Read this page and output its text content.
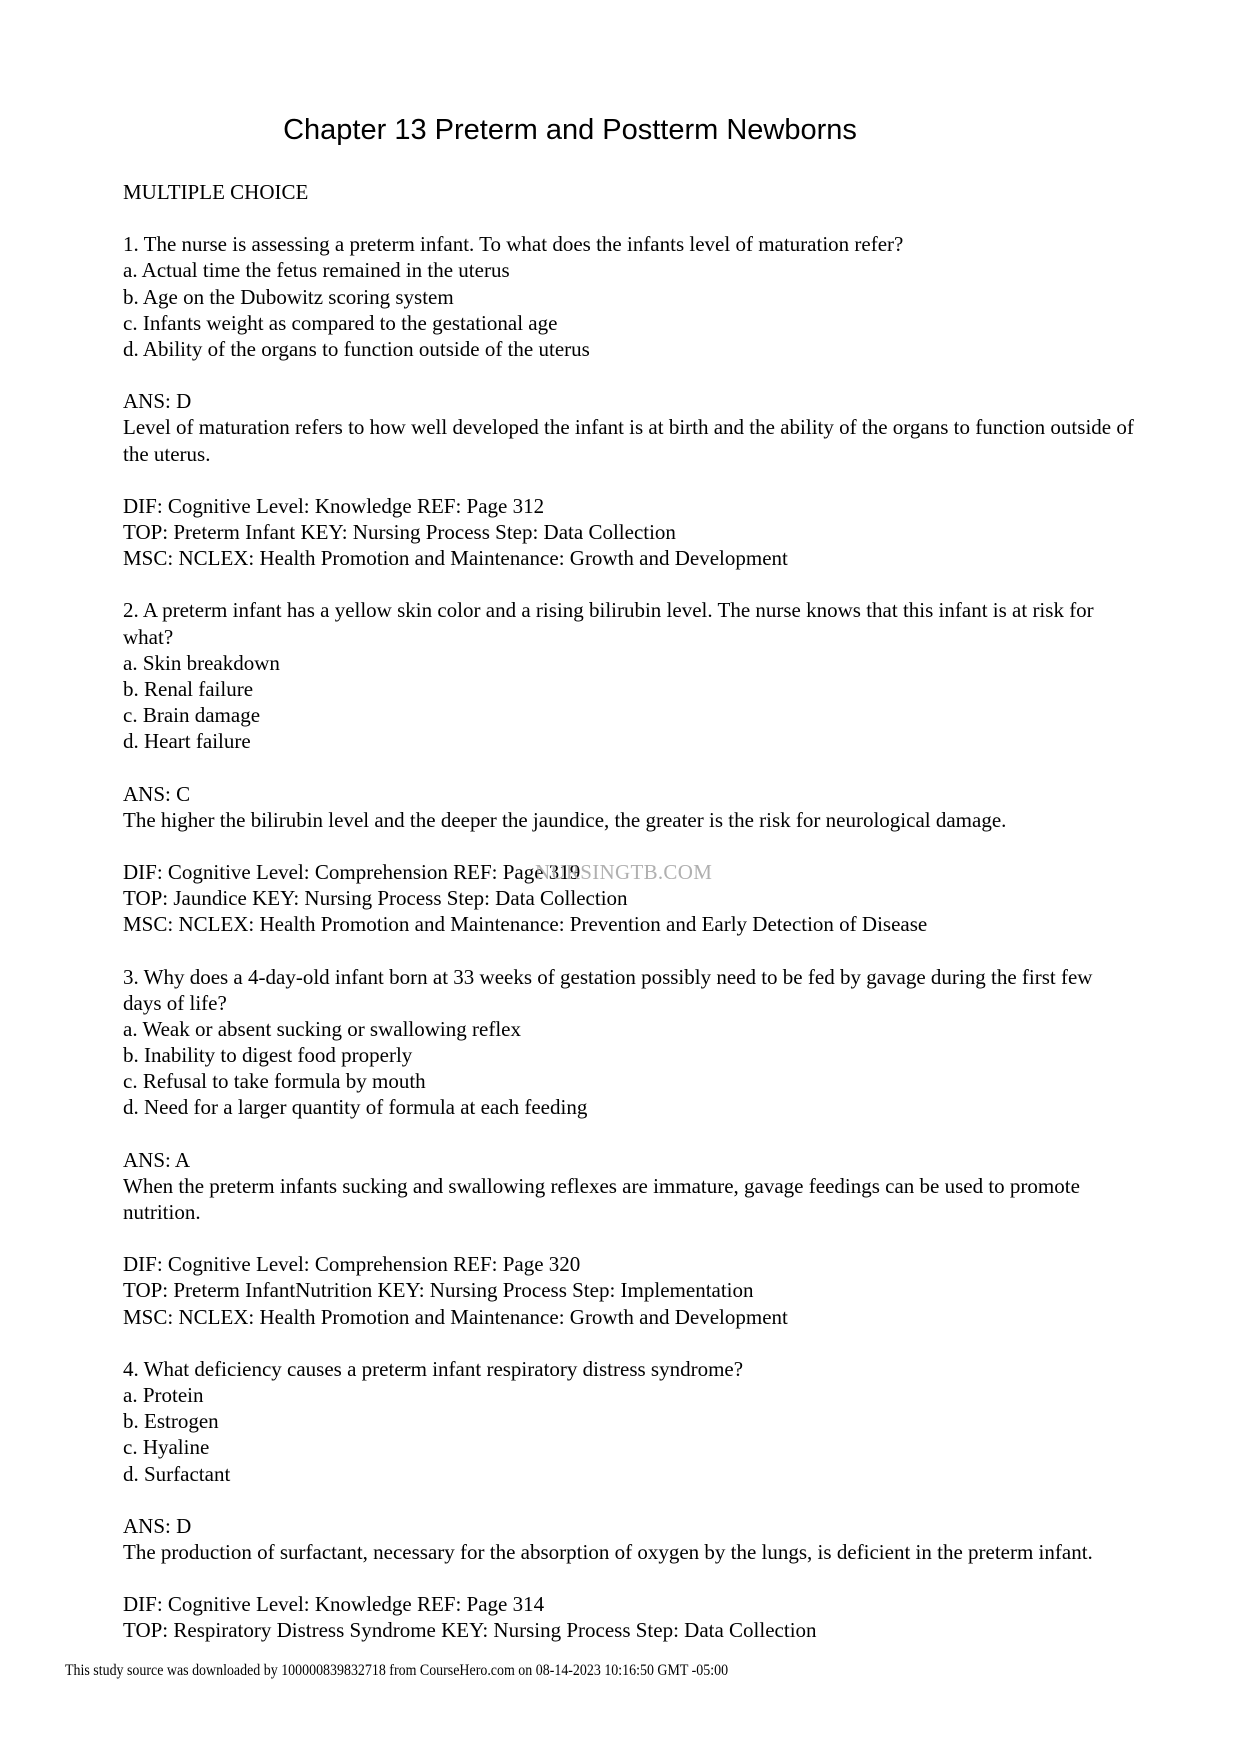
Chapter 13 Preterm and Postterm Newborns
MULTIPLE CHOICE
1. The nurse is assessing a preterm infant. To what does the infants level of maturation refer?
a. Actual time the fetus remained in the uterus
b. Age on the Dubowitz scoring system
c. Infants weight as compared to the gestational age
d. Ability of the organs to function outside of the uterus
ANS: D
Level of maturation refers to how well developed the infant is at birth and the ability of the organs to function outside of the uterus.
DIF: Cognitive Level: Knowledge REF: Page 312
TOP: Preterm Infant KEY: Nursing Process Step: Data Collection
MSC: NCLEX: Health Promotion and Maintenance: Growth and Development
2. A preterm infant has a yellow skin color and a rising bilirubin level. The nurse knows that this infant is at risk for what?
a. Skin breakdown
b. Renal failure
c. Brain damage
d. Heart failure
ANS: C
The higher the bilirubin level and the deeper the jaundice, the greater is the risk for neurological damage.
DIF: Cognitive Level: Comprehension REF: Page 319
TOP: Jaundice KEY: Nursing Process Step: Data Collection
MSC: NCLEX: Health Promotion and Maintenance: Prevention and Early Detection of Disease
3. Why does a 4-day-old infant born at 33 weeks of gestation possibly need to be fed by gavage during the first few days of life?
a. Weak or absent sucking or swallowing reflex
b. Inability to digest food properly
c. Refusal to take formula by mouth
d. Need for a larger quantity of formula at each feeding
ANS: A
When the preterm infants sucking and swallowing reflexes are immature, gavage feedings can be used to promote nutrition.
DIF: Cognitive Level: Comprehension REF: Page 320
TOP: Preterm InfantNutrition KEY: Nursing Process Step: Implementation
MSC: NCLEX: Health Promotion and Maintenance: Growth and Development
4. What deficiency causes a preterm infant respiratory distress syndrome?
a. Protein
b. Estrogen
c. Hyaline
d. Surfactant
ANS: D
The production of surfactant, necessary for the absorption of oxygen by the lungs, is deficient in the preterm infant.
DIF: Cognitive Level: Knowledge REF: Page 314
TOP: Respiratory Distress Syndrome KEY: Nursing Process Step: Data Collection
NURSINGTB.COM
This study source was downloaded by 100000839832718 from CourseHero.com on 08-14-2023 10:16:50 GMT -05:00
